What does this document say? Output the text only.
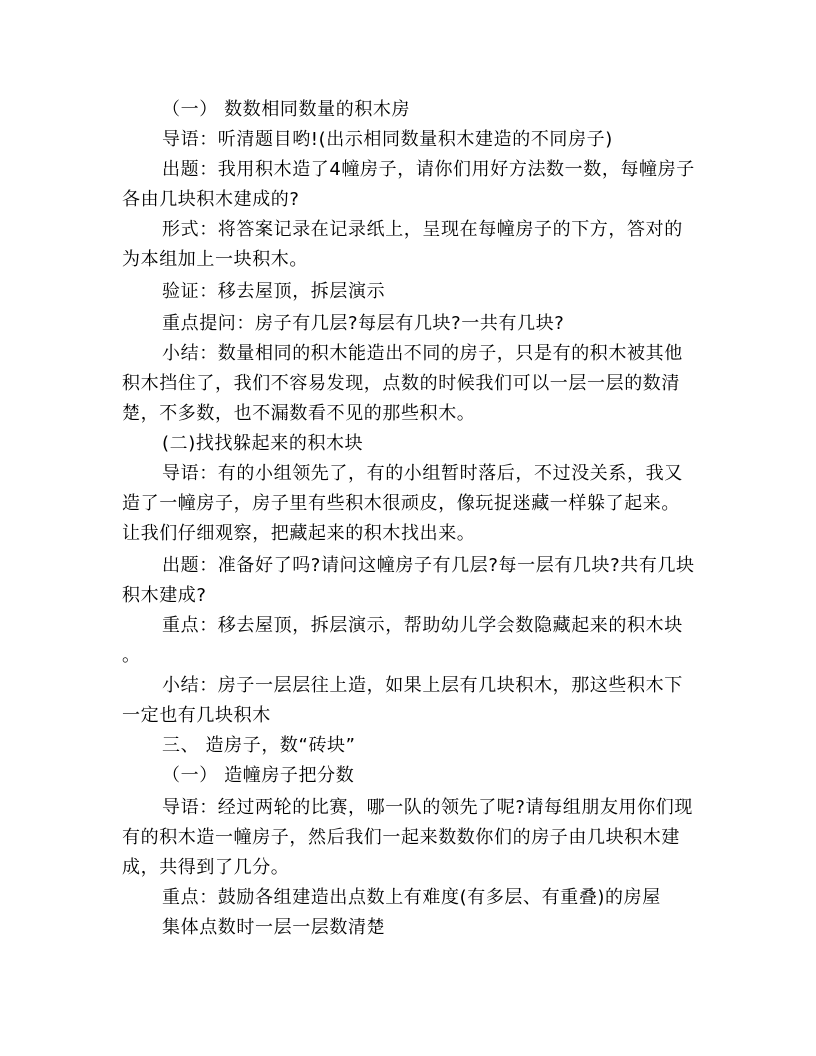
（一） 数数相同数量的积木房
导语：听清题目哟!(出示相同数量积木建造的不同房子)
出题：我用积木造了4幢房子，请你们用好方法数一数，每幢房子
各由几块积木建成的?
形式：将答案记录在记录纸上，呈现在每幢房子的下方，答对的
为本组加上一块积木。
验证：移去屋顶，拆层演示
重点提问：房子有几层?每层有几块?一共有几块?
小结：数量相同的积木能造出不同的房子，只是有的积木被其他
积木挡住了，我们不容易发现，点数的时候我们可以一层一层的数清
楚，不多数，也不漏数看不见的那些积木。
(二)找找躲起来的积木块
导语：有的小组领先了，有的小组暂时落后，不过没关系，我又
造了一幢房子，房子里有些积木很顽皮，像玩捉迷藏一样躲了起来。
让我们仔细观察，把藏起来的积木找出来。
出题：准备好了吗?请问这幢房子有几层?每一层有几块?共有几块
积木建成?
重点：移去屋顶，拆层演示，帮助幼儿学会数隐藏起来的积木块
。
小结：房子一层层往上造，如果上层有几块积木，那这些积木下
一定也有几块积木
三、 造房子，数“砖块”
（一） 造幢房子把分数
导语：经过两轮的比赛，哪一队的领先了呢?请每组朋友用你们现
有的积木造一幢房子，然后我们一起来数数你们的房子由几块积木建
成，共得到了几分。
重点：鼓励各组建造出点数上有难度(有多层、有重叠)的房屋
集体点数时一层一层数清楚
